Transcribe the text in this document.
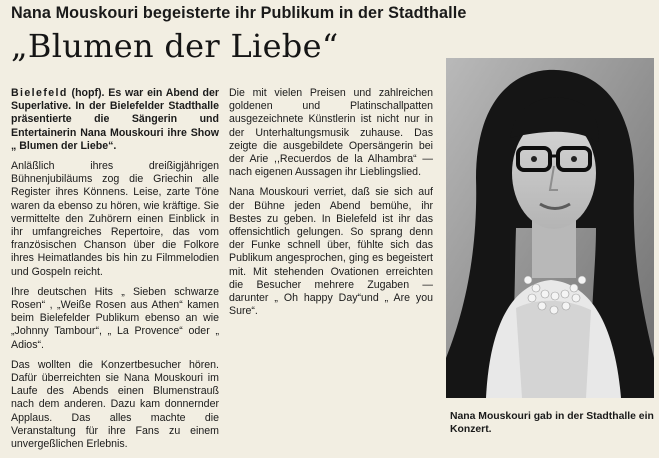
Nana Mouskouri begeisterte ihr Publikum in der Stadthalle
„Blumen der Liebe“

Bielefeld (hopf). Es war ein Abend der Superlative. In der Bielefelder Stadthalle präsentierte die Sängerin und Entertainerin Nana Mouskouri ihre Show „ Blumen der Liebe“.

Anläßlich ihres dreißigjährigen Bühnenjubiläums zog die Griechin alle Register ihres Könnens. Leise, zarte Töne waren da ebenso zu hören, wie kräftige. Sie vermittelte den Zuhörern einen Einblick in ihr umfangreiches Repertoire, das vom französischen Chanson über die Folkore ihres Heimatlandes bis hin zu Filmmelodien und Gospeln reicht.

Ihre deutschen Hits „ Sieben schwarze Rosen“ , „Weiße Rosen aus Athen“ kamen beim Bielefelder Publikum ebenso an wie „Johnny Tambour“, „ La Provence“ oder „ Adios“.

Das wollten die Konzertbesucher hören. Dafür überreichten sie Nana Mouskouri im Laufe des Abends einen Blumenstrauß nach dem anderen. Dazu kam donnernder Applaus. Das alles machte die Veranstaltung für ihre Fans zu einem unvergeßlichen Erlebnis.

Die mit vielen Preisen und zahlreichen goldenen und Platinschallpatten ausgezeichnete Künstlerin ist nicht nur in der Unterhaltungsmusik zuhause. Das zeigte die ausgebildete Opersängerin bei der Arie ,,Recuerdos de la Alhambra“ — nach eigenen Aussagen ihr Lieblingslied.

Nana Mouskouri verriet, daß sie sich auf der Bühne jeden Abend bemühe, ihr Bestes zu geben. In Bielefeld ist ihr das offensichtlich gelungen. So sprang denn der Funke schnell über, fühlte sich das Publikum angesprochen, ging es begeistert mit. Mit stehenden Ovationen erreichten die Besucher mehrere Zugaben — darunter „ Oh happy Day“und „ Are you Sure“.

Nana Mouskouri gab in der Stadthalle ein Konzert.
